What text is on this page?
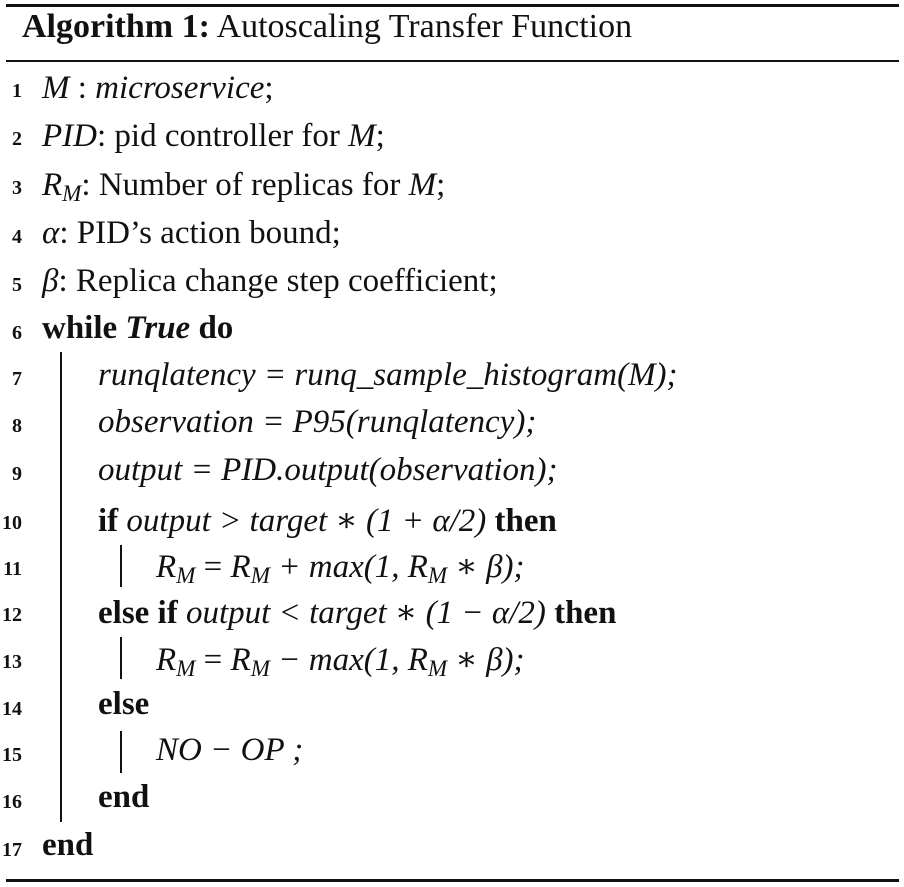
Algorithm 1: Autoscaling Transfer Function
1 M : microservice;
2 PID: pid controller for M;
3 $R_M$: Number of replicas for M;
4 α: PID’s action bound;
5 β: Replica change step coefficient;
6 while True do
7 runqlatency = runq_sample_histogram(M);
8 observation = P95(runqlatency);
9 output = PID.output(observation);
10 if output > target ∗ (1 + α/2) then
11	$R_M = R_M + \max(1$, $R_M$ ∗ β);
12 else if output < target ∗ (1 − α/2) then
13	$R_M = R_M - \max(1$, $R_M$ ∗ β);
14 else
15	NO − OP ;
16 end
17 end
